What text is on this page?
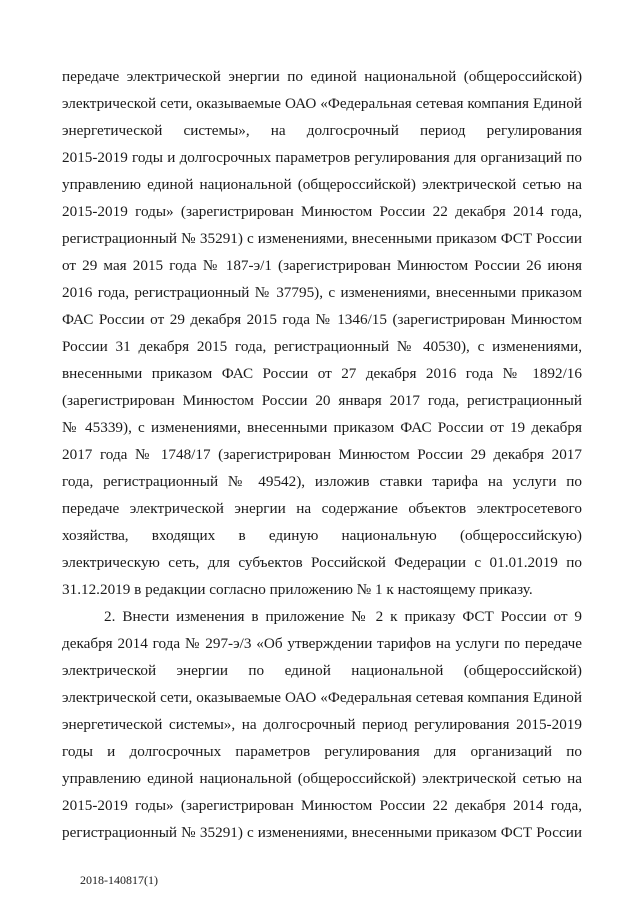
передаче электрической энергии по единой национальной (общероссийской)
электрической сети, оказываемые ОАО «Федеральная сетевая компания Единой
энергетической системы», на долгосрочный период регулирования
2015-2019 годы и долгосрочных параметров регулирования для организаций по
управлению единой национальной (общероссийской) электрической сетью на
2015-2019 годы» (зарегистрирован Минюстом России 22 декабря 2014 года,
регистрационный № 35291) с изменениями, внесенными приказом ФСТ России
от 29 мая 2015 года № 187-э/1 (зарегистрирован Минюстом России 26 июня
2016 года, регистрационный № 37795), с изменениями, внесенными приказом
ФАС России от 29 декабря 2015 года № 1346/15 (зарегистрирован Минюстом
России 31 декабря 2015 года, регистрационный № 40530), с изменениями,
внесенными приказом ФАС России от 27 декабря 2016 года № 1892/16
(зарегистрирован Минюстом России 20 января 2017 года, регистрационный
№ 45339), с изменениями, внесенными приказом ФАС России от 19 декабря
2017 года № 1748/17 (зарегистрирован Минюстом России 29 декабря 2017
года, регистрационный № 49542), изложив ставки тарифа на услуги по
передаче электрической энергии на содержание объектов электросетевого
хозяйства, входящих в единую национальную (общероссийскую)
электрическую сеть, для субъектов Российской Федерации с 01.01.2019 по
31.12.2019 в редакции согласно приложению № 1 к настоящему приказу.
2. Внести изменения в приложение № 2 к приказу ФСТ России от 9
декабря 2014 года № 297-э/3 «Об утверждении тарифов на услуги по передаче
электрической энергии по единой национальной (общероссийской)
электрической сети, оказываемые ОАО «Федеральная сетевая компания Единой
энергетической системы», на долгосрочный период регулирования 2015-2019
годы и долгосрочных параметров регулирования для организаций по
управлению единой национальной (общероссийской) электрической сетью на
2015-2019 годы» (зарегистрирован Минюстом России 22 декабря 2014 года,
регистрационный № 35291) с изменениями, внесенными приказом ФСТ России
2018-140817(1)
